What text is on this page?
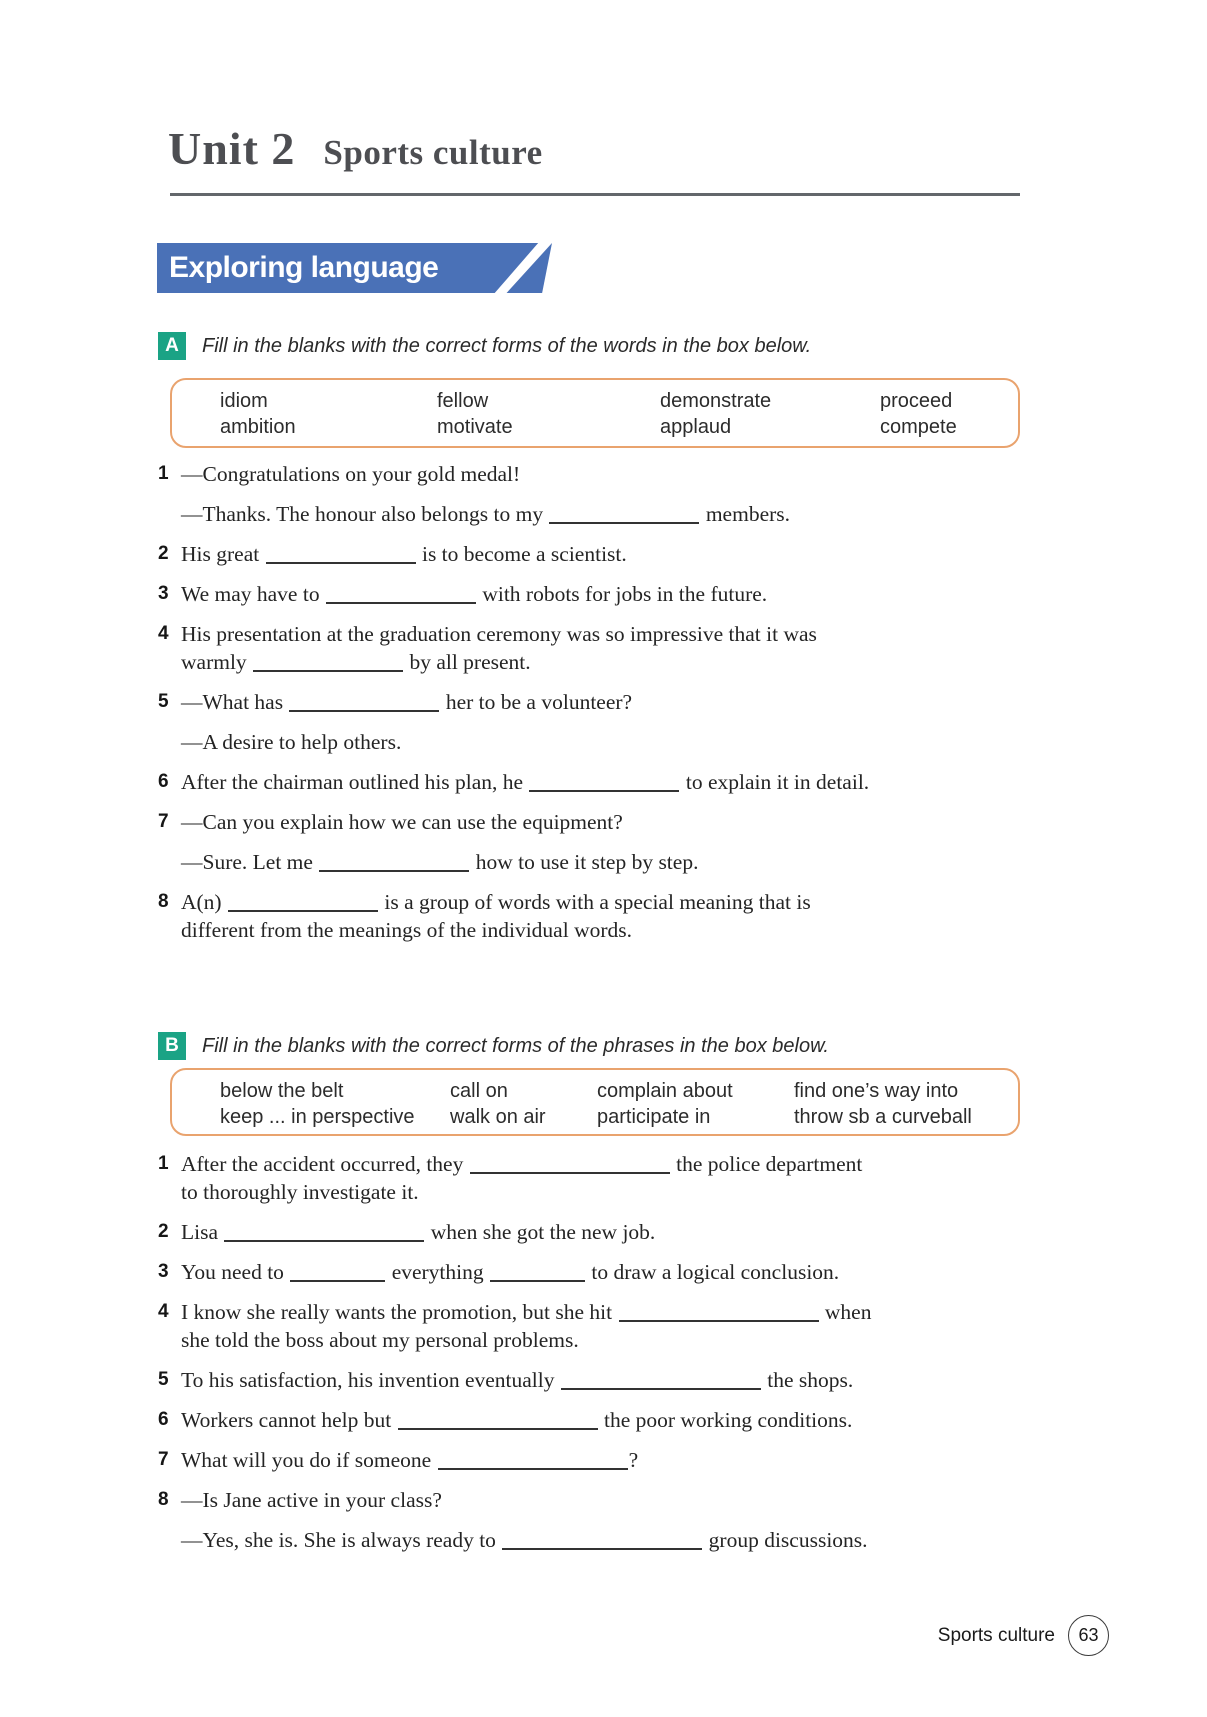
Unit 2 Sports culture
Exploring language
A	Fill in the blanks with the correct forms of the words in the box below.
idiom	fellow	demonstrate	proceed
ambition	motivate	applaud	compete
1 —Congratulations on your gold medal!
—Thanks. The honour also belongs to my	members.
2 His great	is to become a scientist.
3 We may have to	with robots for jobs in the future.
4 His presentation at the graduation ceremony was so impressive that it was
warmly	by all present.
5 —What has	her to be a volunteer?
—A desire to help others.
6 After the chairman outlined his plan, he	to explain it in detail.
7 —Can you explain how we can use the equipment?
—Sure. Let me	how to use it step by step.
8 A(n)	is a group of words with a special meaning that is
different from the meanings of the individual words.
B	Fill in the blanks with the correct forms of the phrases in the box below.
below the belt	call on	complain about	find one’s way into
keep ... in perspective	walk on air	participate in	throw sb a curveball
1 After the accident occurred, they	the police department
to thoroughly investigate it.
2 Lisa	when she got the new job.
3 You need to	everything	to draw a logical conclusion.
4 I know she really wants the promotion, but she hit	when
she told the boss about my personal problems.
5 To his satisfaction, his invention eventually	the shops.
6 Workers cannot help but	the poor working conditions.
7 What will you do if someone	?
8 —Is Jane active in your class?
—Yes, she is. She is always ready to	group discussions.
Sports culture 63
